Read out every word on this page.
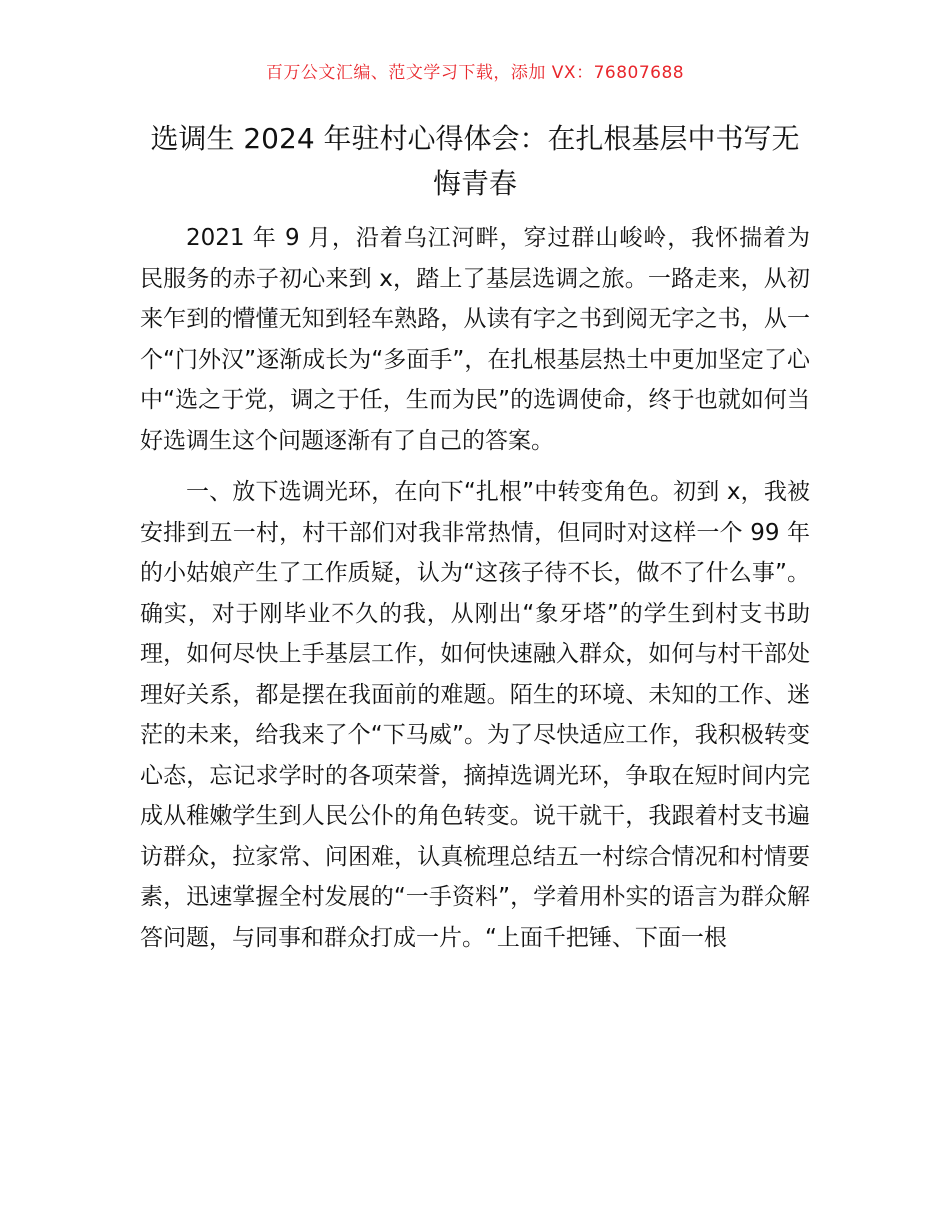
百万公文汇编、范文学习下载，添加 VX：76807688
选调生 2024 年驻村心得体会：在扎根基层中书写无悔青春

2021 年 9 月，沿着乌江河畔，穿过群山峻岭，我怀揣着为民服务的赤子初心来到 x，踏上了基层选调之旅。一路走来，从初来乍到的懵懂无知到轻车熟路，从读有字之书到阅无字之书，从一个“门外汉”逐渐成长为“多面手”，在扎根基层热土中更加坚定了心中“选之于党，调之于任，生而为民”的选调使命，终于也就如何当好选调生这个问题逐渐有了自己的答案。

一、放下选调光环，在向下“扎根”中转变角色。初到 x，我被安排到五一村，村干部们对我非常热情，但同时对这样一个 99 年的小姑娘产生了工作质疑，认为“这孩子待不长，做不了什么事”。确实，对于刚毕业不久的我，从刚出“象牙塔”的学生到村支书助理，如何尽快上手基层工作，如何快速融入群众，如何与村干部处理好关系，都是摆在我面前的难题。陌生的环境、未知的工作、迷茫的未来，给我来了个“下马威”。为了尽快适应工作，我积极转变心态，忘记求学时的各项荣誉，摘掉选调光环，争取在短时间内完成从稚嫩学生到人民公仆的角色转变。说干就干，我跟着村支书遍访群众，拉家常、问困难，认真梳理总结五一村综合情况和村情要素，迅速掌握全村发展的“一手资料”，学着用朴实的语言为群众解答问题，与同事和群众打成一片。“上面千把锤、下面一根
